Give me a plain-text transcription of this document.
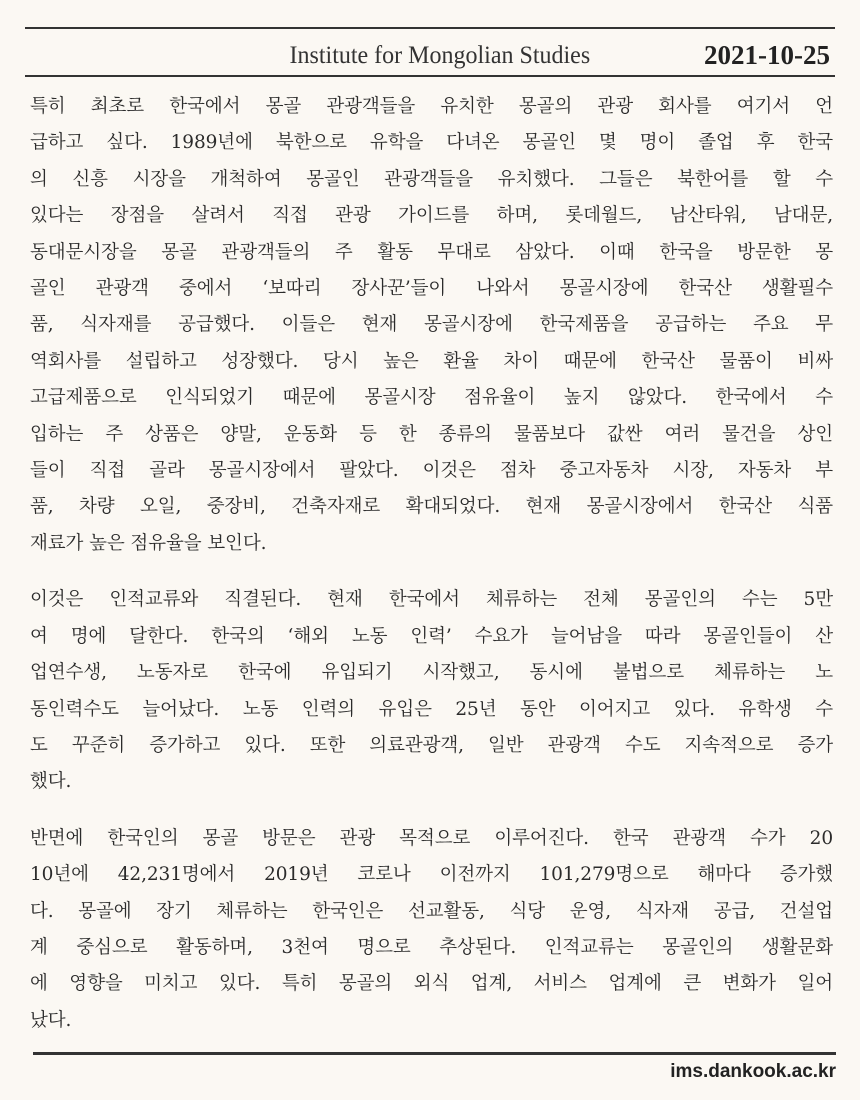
Institute for Mongolian Studies	2021-10-25

특히 최초로 한국에서 몽골 관광객들을 유치한 몽골의 관광 회사를 여기서 언
급하고 싶다. 1989년에 북한으로 유학을 다녀온 몽골인 몇 명이 졸업 후 한국
의 신흥 시장을 개척하여 몽골인 관광객들을 유치했다. 그들은 북한어를 할 수
있다는 장점을 살려서 직접 관광 가이드를 하며, 롯데월드, 남산타워, 남대문,
동대문시장을 몽골 관광객들의 주 활동 무대로 삼았다. 이때 한국을 방문한 몽
골인 관광객 중에서 ‘보따리 장사꾼’들이 나와서 몽골시장에 한국산 생활필수
품, 식자재를 공급했다. 이들은 현재 몽골시장에 한국제품을 공급하는 주요 무
역회사를 설립하고 성장했다. 당시 높은 환율 차이 때문에 한국산 물품이 비싸
고급제품으로 인식되었기 때문에 몽골시장 점유율이 높지 않았다. 한국에서 수
입하는 주 상품은 양말, 운동화 등 한 종류의 물품보다 값싼 여러 물건을 상인
들이 직접 골라 몽골시장에서 팔았다. 이것은 점차 중고자동차 시장, 자동차 부
품, 차량 오일, 중장비, 건축자재로 확대되었다. 현재 몽골시장에서 한국산 식품
재료가 높은 점유율을 보인다.

이것은 인적교류와 직결된다. 현재 한국에서 체류하는 전체 몽골인의 수는 5만
여 명에 달한다. 한국의 ‘해외 노동 인력’ 수요가 늘어남을 따라 몽골인들이 산
업연수생, 노동자로 한국에 유입되기 시작했고, 동시에 불법으로 체류하는 노
동인력수도 늘어났다. 노동 인력의 유입은 25년 동안 이어지고 있다. 유학생 수
도 꾸준히 증가하고 있다. 또한 의료관광객, 일반 관광객 수도 지속적으로 증가
했다.

반면에 한국인의 몽골 방문은 관광 목적으로 이루어진다. 한국 관광객 수가 20
10년에 42,231명에서 2019년 코로나 이전까지 101,279명으로 해마다 증가했
다. 몽골에 장기 체류하는 한국인은 선교활동, 식당 운영, 식자재 공급, 건설업
계 중심으로 활동하며, 3천여 명으로 추상된다. 인적교류는 몽골인의 생활문화
에 영향을 미치고 있다. 특히 몽골의 외식 업계, 서비스 업계에 큰 변화가 일어
났다.

ims.dankook.ac.kr
